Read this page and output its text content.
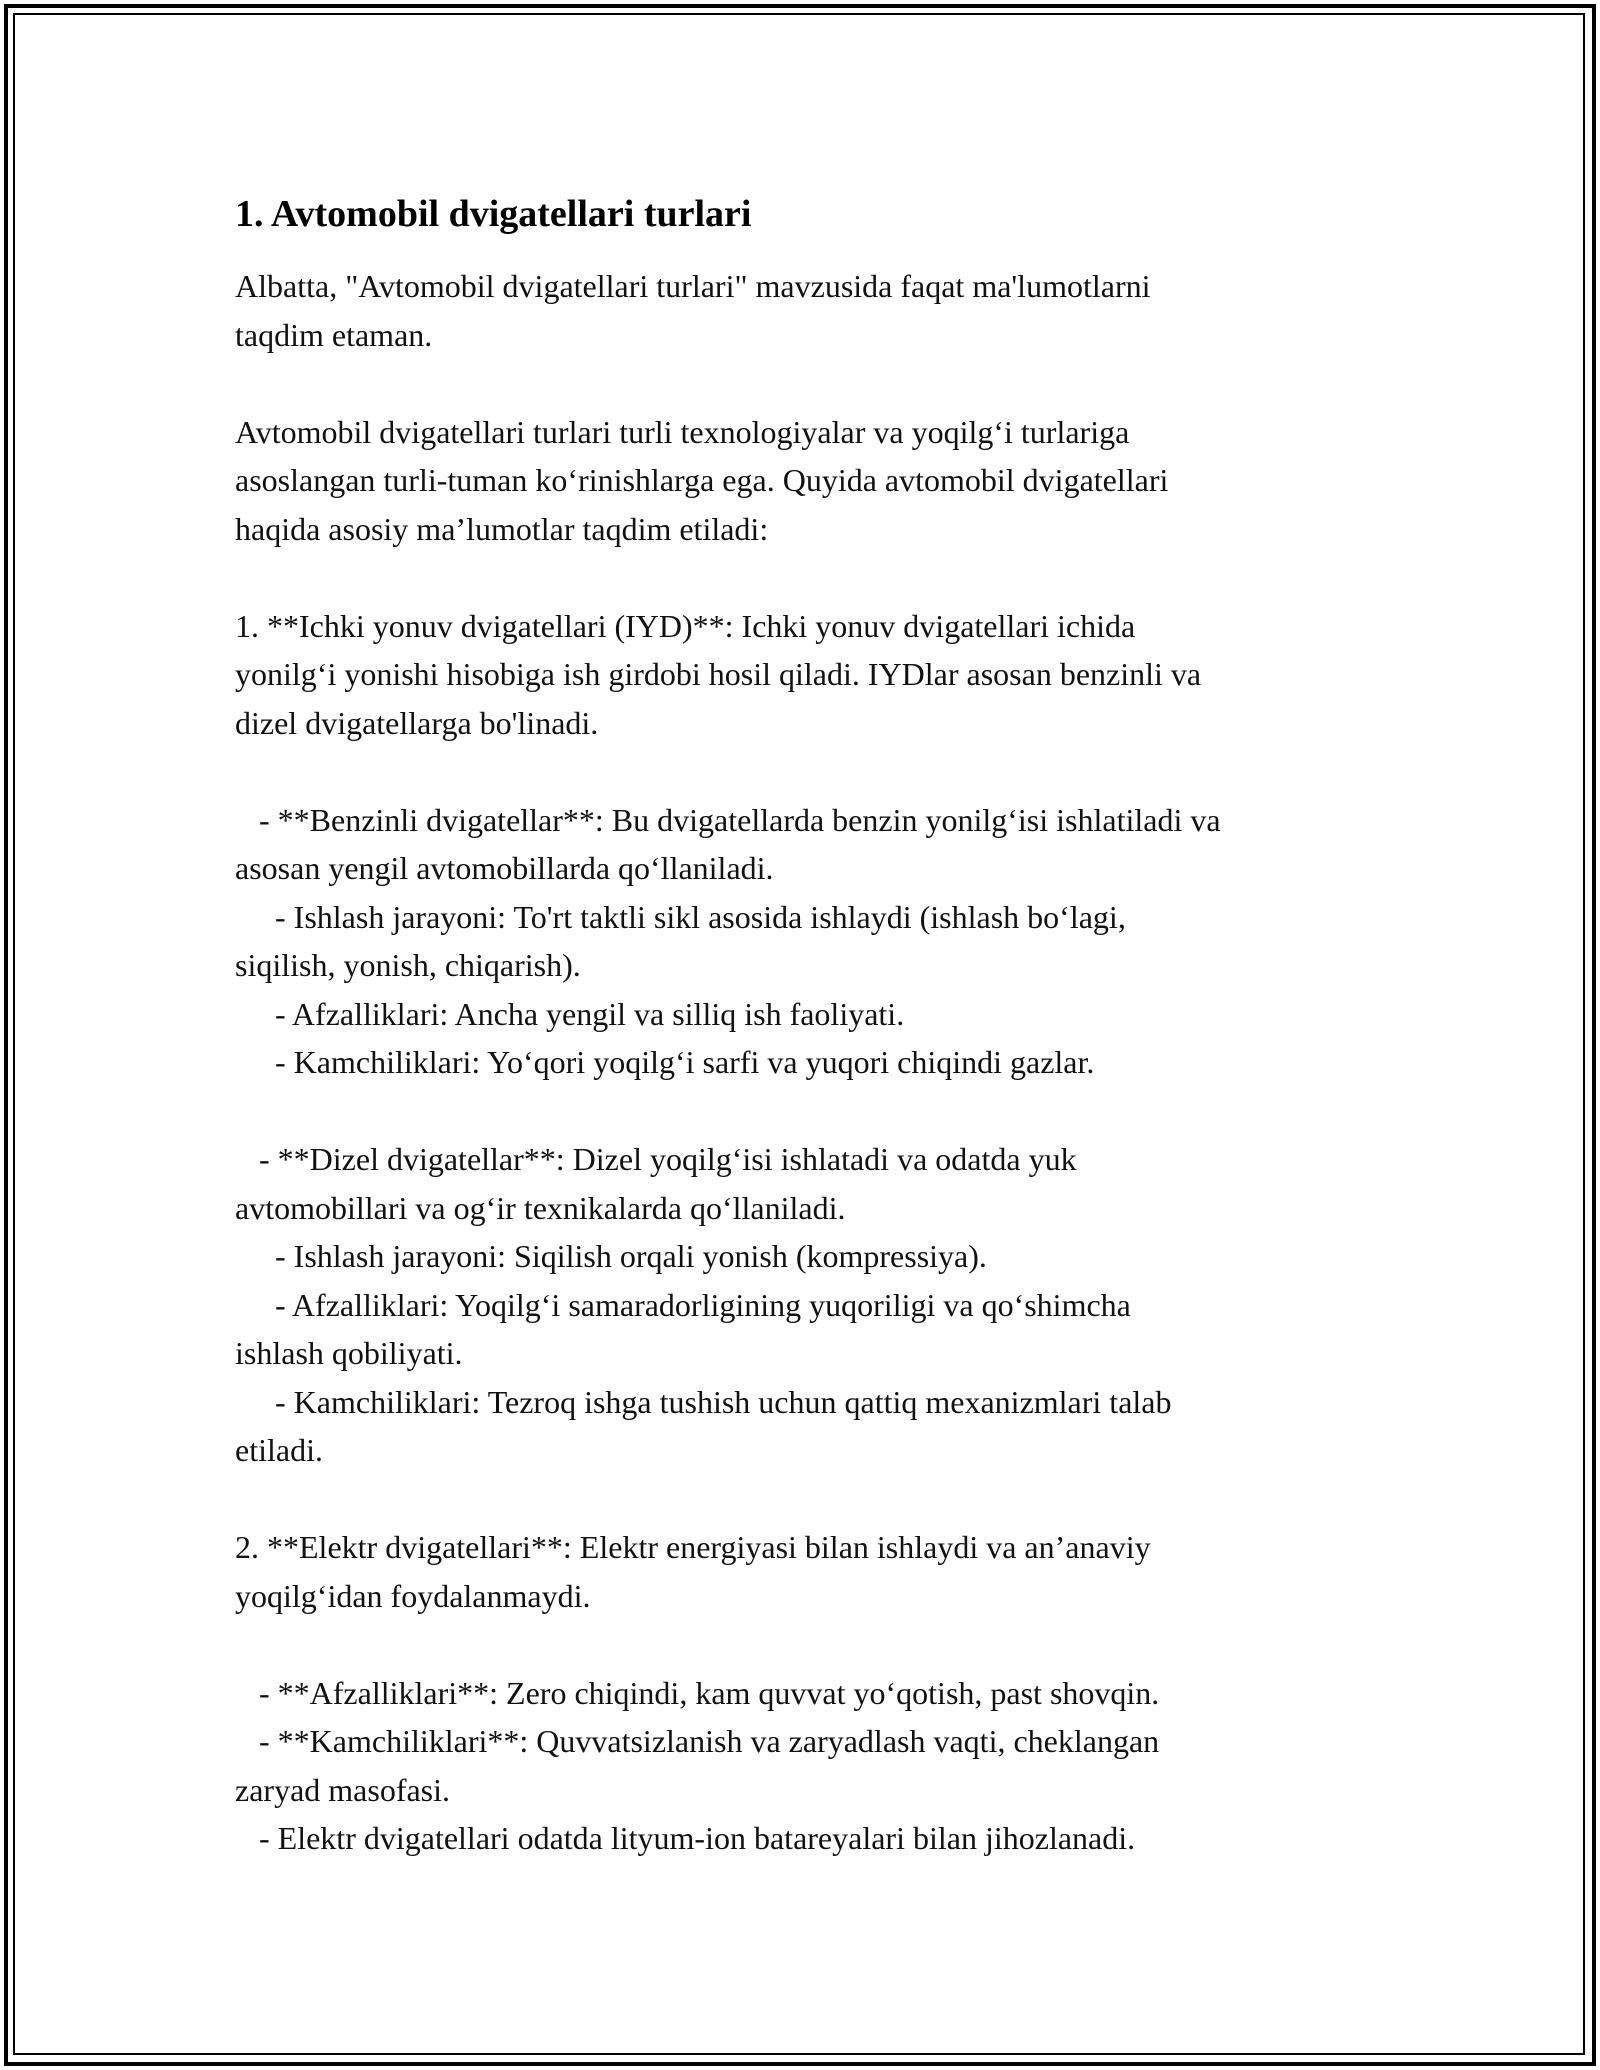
1. Avtomobil dvigatellari turlari

Albatta, "Avtomobil dvigatellari turlari" mavzusida faqat ma'lumotlarni
taqdim etaman.

Avtomobil dvigatellari turlari turli texnologiyalar va yoqilg‘i turlariga
asoslangan turli-tuman ko‘rinishlarga ega. Quyida avtomobil dvigatellari
haqida asosiy ma’lumotlar taqdim etiladi:

1. **Ichki yonuv dvigatellari (IYD)**: Ichki yonuv dvigatellari ichida
yonilg‘i yonishi hisobiga ish girdobi hosil qiladi. IYDlar asosan benzinli va
dizel dvigatellarga bo'linadi.

- **Benzinli dvigatellar**: Bu dvigatellarda benzin yonilg‘isi ishlatiladi va
asosan yengil avtomobillarda qo‘llaniladi.
- Ishlash jarayoni: To'rt taktli sikl asosida ishlaydi (ishlash bo‘lagi,
siqilish, yonish, chiqarish).
- Afzalliklari: Ancha yengil va silliq ish faoliyati.
- Kamchiliklari: Yo‘qori yoqilg‘i sarfi va yuqori chiqindi gazlar.

- **Dizel dvigatellar**: Dizel yoqilg‘isi ishlatadi va odatda yuk
avtomobillari va og‘ir texnikalarda qo‘llaniladi.
- Ishlash jarayoni: Siqilish orqali yonish (kompressiya).
- Afzalliklari: Yoqilg‘i samaradorligining yuqoriligi va qo‘shimcha
ishlash qobiliyati.
- Kamchiliklari: Tezroq ishga tushish uchun qattiq mexanizmlari talab
etiladi.

2. **Elektr dvigatellari**: Elektr energiyasi bilan ishlaydi va an’anaviy
yoqilg‘idan foydalanmaydi.

- **Afzalliklari**: Zero chiqindi, kam quvvat yo‘qotish, past shovqin.
- **Kamchiliklari**: Quvvatsizlanish va zaryadlash vaqti, cheklangan
zaryad masofasi.
- Elektr dvigatellari odatda lityum-ion batareyalari bilan jihozlanadi.
